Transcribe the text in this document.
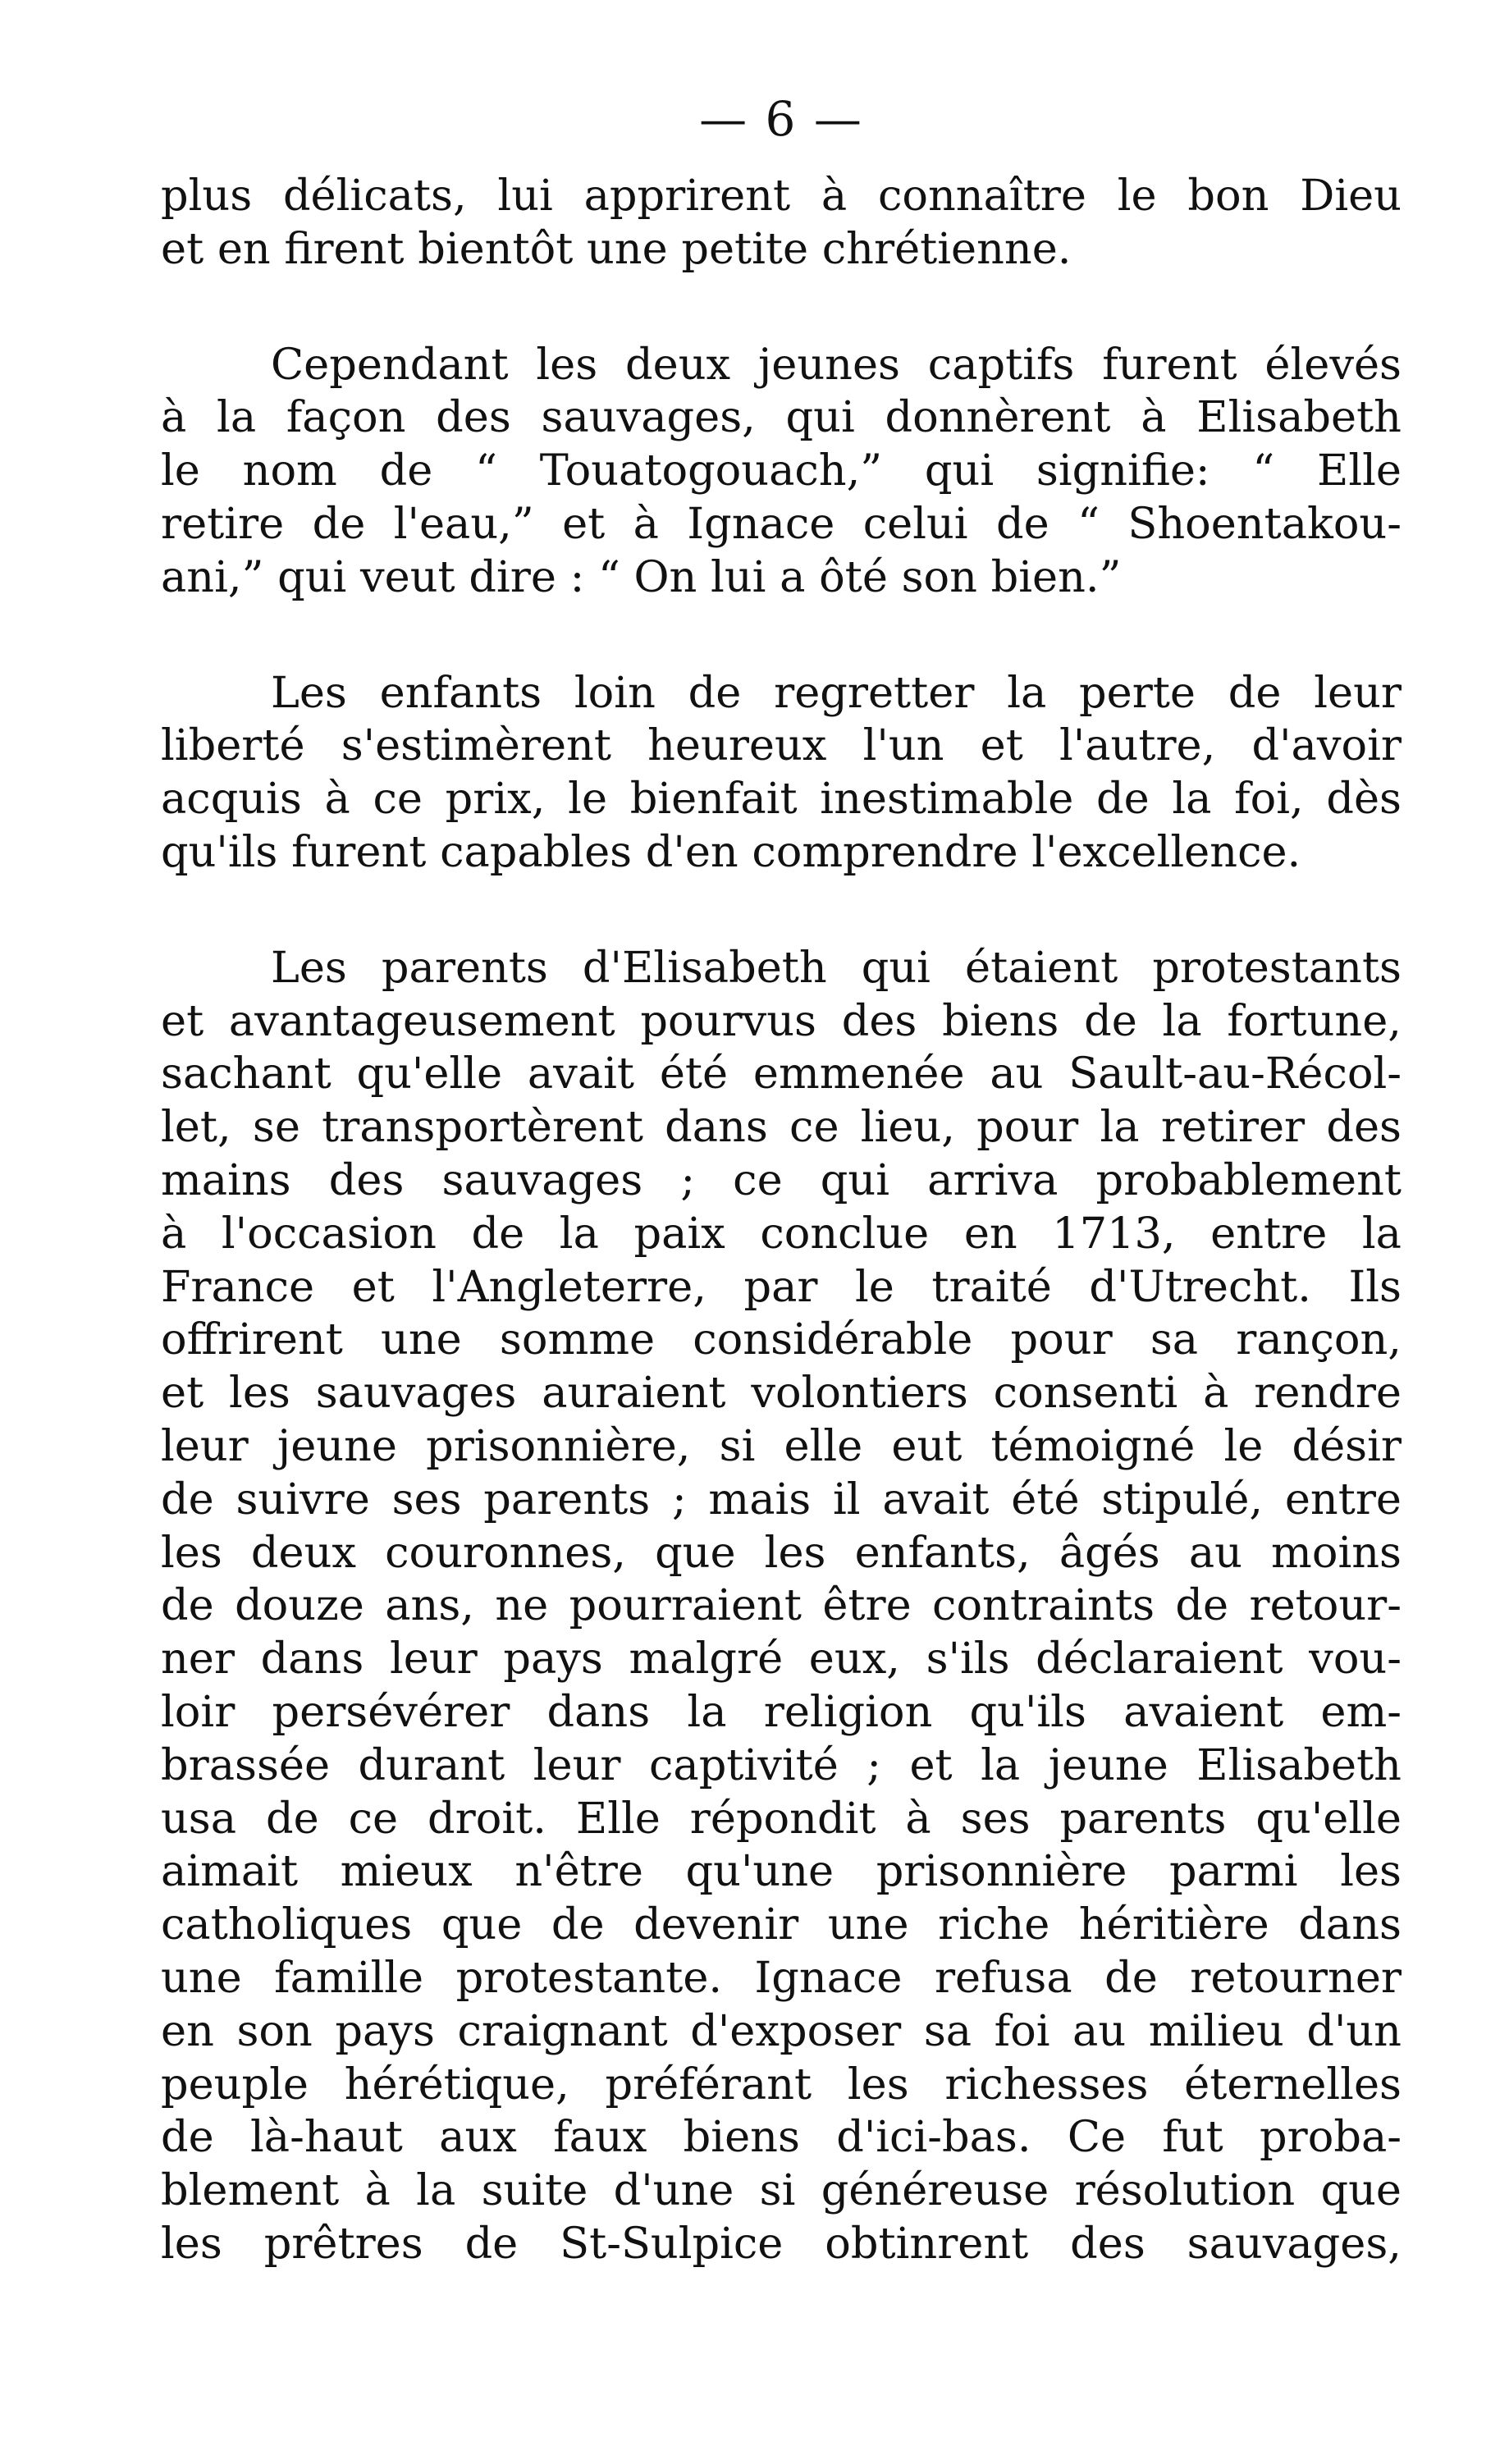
— 6 —

plus délicats, lui apprirent à connaître le bon Dieu
et en firent bientôt une petite chrétienne.

Cependant les deux jeunes captifs furent élevés
à la façon des sauvages, qui donnèrent à Elisabeth
le nom de “ Touatogouach,” qui signifie: “ Elle
retire de l'eau,” et à Ignace celui de “ Shoentakou-
ani,” qui veut dire : “ On lui a ôté son bien.”

Les enfants loin de regretter la perte de leur
liberté s'estimèrent heureux l'un et l'autre, d'avoir
acquis à ce prix, le bienfait inestimable de la foi, dès
qu'ils furent capables d'en comprendre l'excellence.

Les parents d'Elisabeth qui étaient protestants
et avantageusement pourvus des biens de la fortune,
sachant qu'elle avait été emmenée au Sault-au-Récol-
let, se transportèrent dans ce lieu, pour la retirer des
mains des sauvages ; ce qui arriva probablement
à l'occasion de la paix conclue en 1713, entre la
France et l'Angleterre, par le traité d'Utrecht. Ils
offrirent une somme considérable pour sa rançon,
et les sauvages auraient volontiers consenti à rendre
leur jeune prisonnière, si elle eut témoigné le désir
de suivre ses parents ; mais il avait été stipulé, entre
les deux couronnes, que les enfants, âgés au moins
de douze ans, ne pourraient être contraints de retour-
ner dans leur pays malgré eux, s'ils déclaraient vou-
loir persévérer dans la religion qu'ils avaient em-
brassée durant leur captivité ; et la jeune Elisabeth
usa de ce droit. Elle répondit à ses parents qu'elle
aimait mieux n'être qu'une prisonnière parmi les
catholiques que de devenir une riche héritière dans
une famille protestante. Ignace refusa de retourner
en son pays craignant d'exposer sa foi au milieu d'un
peuple hérétique, préférant les richesses éternelles
de là-haut aux faux biens d'ici-bas. Ce fut proba-
blement à la suite d'une si généreuse résolution que
les prêtres de St-Sulpice obtinrent des sauvages,
